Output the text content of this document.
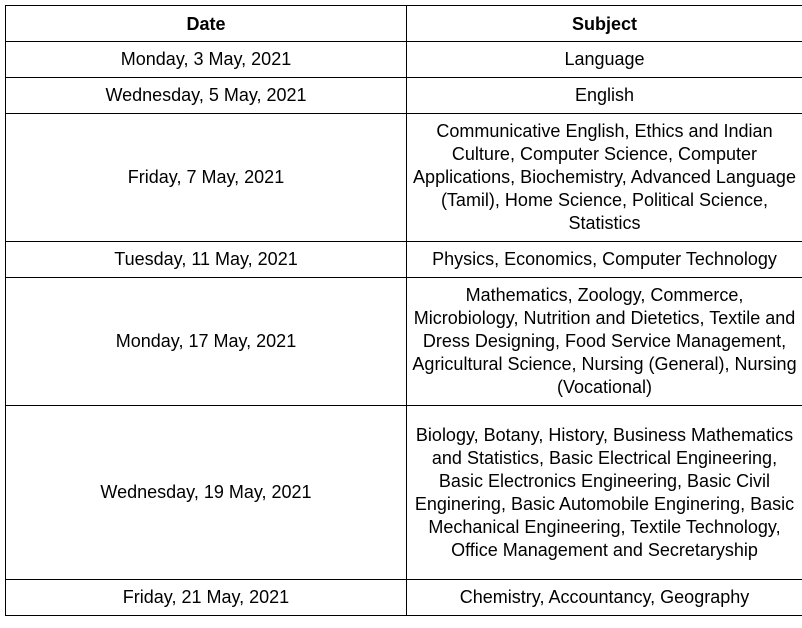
Date	Subject
Monday, 3 May, 2021	Language
Wednesday, 5 May, 2021	English
Friday, 7 May, 2021	Communicative English, Ethics and Indian Culture, Computer Science, Computer Applications, Biochemistry, Advanced Language (Tamil), Home Science, Political Science, Statistics
Tuesday, 11 May, 2021	Physics, Economics, Computer Technology
Monday, 17 May, 2021	Mathematics, Zoology, Commerce, Microbiology, Nutrition and Dietetics, Textile and Dress Designing, Food Service Management, Agricultural Science, Nursing (General), Nursing (Vocational)
Wednesday, 19 May, 2021	Biology, Botany, History, Business Mathematics and Statistics, Basic Electrical Engineering, Basic Electronics Engineering, Basic Civil Enginering, Basic Automobile Enginering, Basic Mechanical Engineering, Textile Technology, Office Management and Secretaryship
Friday, 21 May, 2021	Chemistry, Accountancy, Geography
